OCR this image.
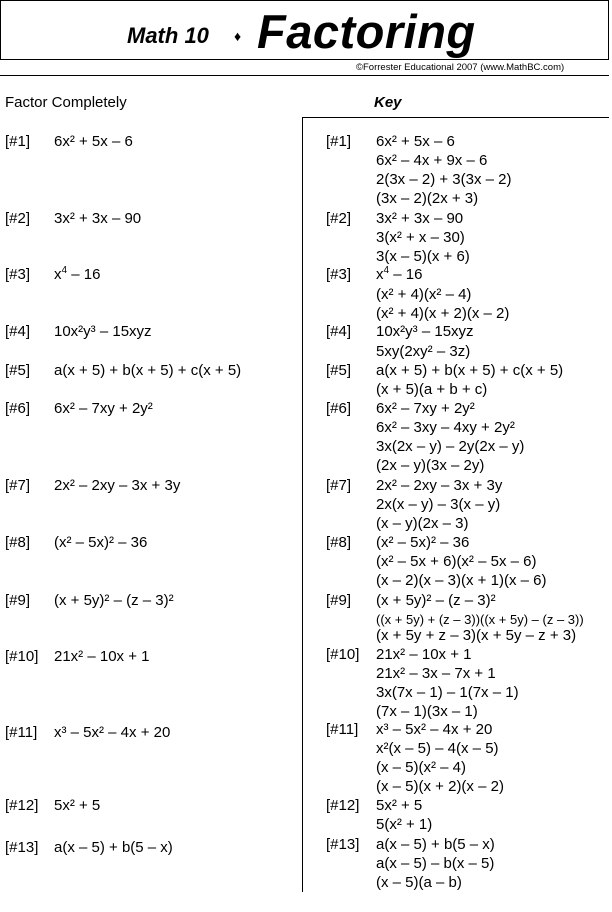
Math 10 ♦ Factoring
©Forrester Educational 2007 (www.MathBC.com)
Factor Completely	Key
[#1] 6x² + 5x – 6
[#2] 3x² + 3x – 90
[#3] $x^4 - 16$
[#4] 10x²y³ – 15xyz
[#5] a(x + 5) + b(x + 5) + c(x + 5)
[#6] 6x² – 7xy + 2y²
[#7] 2x² – 2xy – 3x + 3y
[#8] (x² – 5x)² – 36
[#9] (x + 5y)² – (z – 3)²
[#10] 21x² – 10x + 1
[#11] x³ – 5x² – 4x + 20
[#12] 5x² + 5
[#13] a(x – 5) + b(5 – x)
[#1] 6x² + 5x – 6
6x² – 4x + 9x – 6
2(3x – 2) + 3(3x – 2)
(3x – 2)(2x + 3)
[#2] 3x² + 3x – 90
3(x² + x – 30)
3(x – 5)(x + 6)
[#3] $x^4 - 16$
(x² + 4)(x² – 4)
(x² + 4)(x + 2)(x – 2)
[#4] 10x²y³ – 15xyz
5xy(2xy² – 3z)
[#5] a(x + 5) + b(x + 5) + c(x + 5)
(x + 5)(a + b + c)
[#6] 6x² – 7xy + 2y²
6x² – 3xy – 4xy + 2y²
3x(2x – y) – 2y(2x – y)
(2x – y)(3x – 2y)
[#7] 2x² – 2xy – 3x + 3y
2x(x – y) – 3(x – y)
(x – y)(2x – 3)
[#8] (x² – 5x)² – 36
(x² – 5x + 6)(x² – 5x – 6)
(x – 2)(x – 3)(x + 1)(x – 6)
[#9] (x + 5y)² – (z – 3)²
((x + 5y) + (z – 3))((x + 5y) – (z – 3))
(x + 5y + z – 3)(x + 5y – z + 3)
[#10] 21x² – 10x + 1
21x² – 3x – 7x + 1
3x(7x – 1) – 1(7x – 1)
(7x – 1)(3x – 1)
[#11] x³ – 5x² – 4x + 20
x²(x – 5) – 4(x – 5)
(x – 5)(x² – 4)
(x – 5)(x + 2)(x – 2)
[#12] 5x² + 5
5(x² + 1)
[#13] a(x – 5) + b(5 – x)
a(x – 5) – b(x – 5)
(x – 5)(a – b)
